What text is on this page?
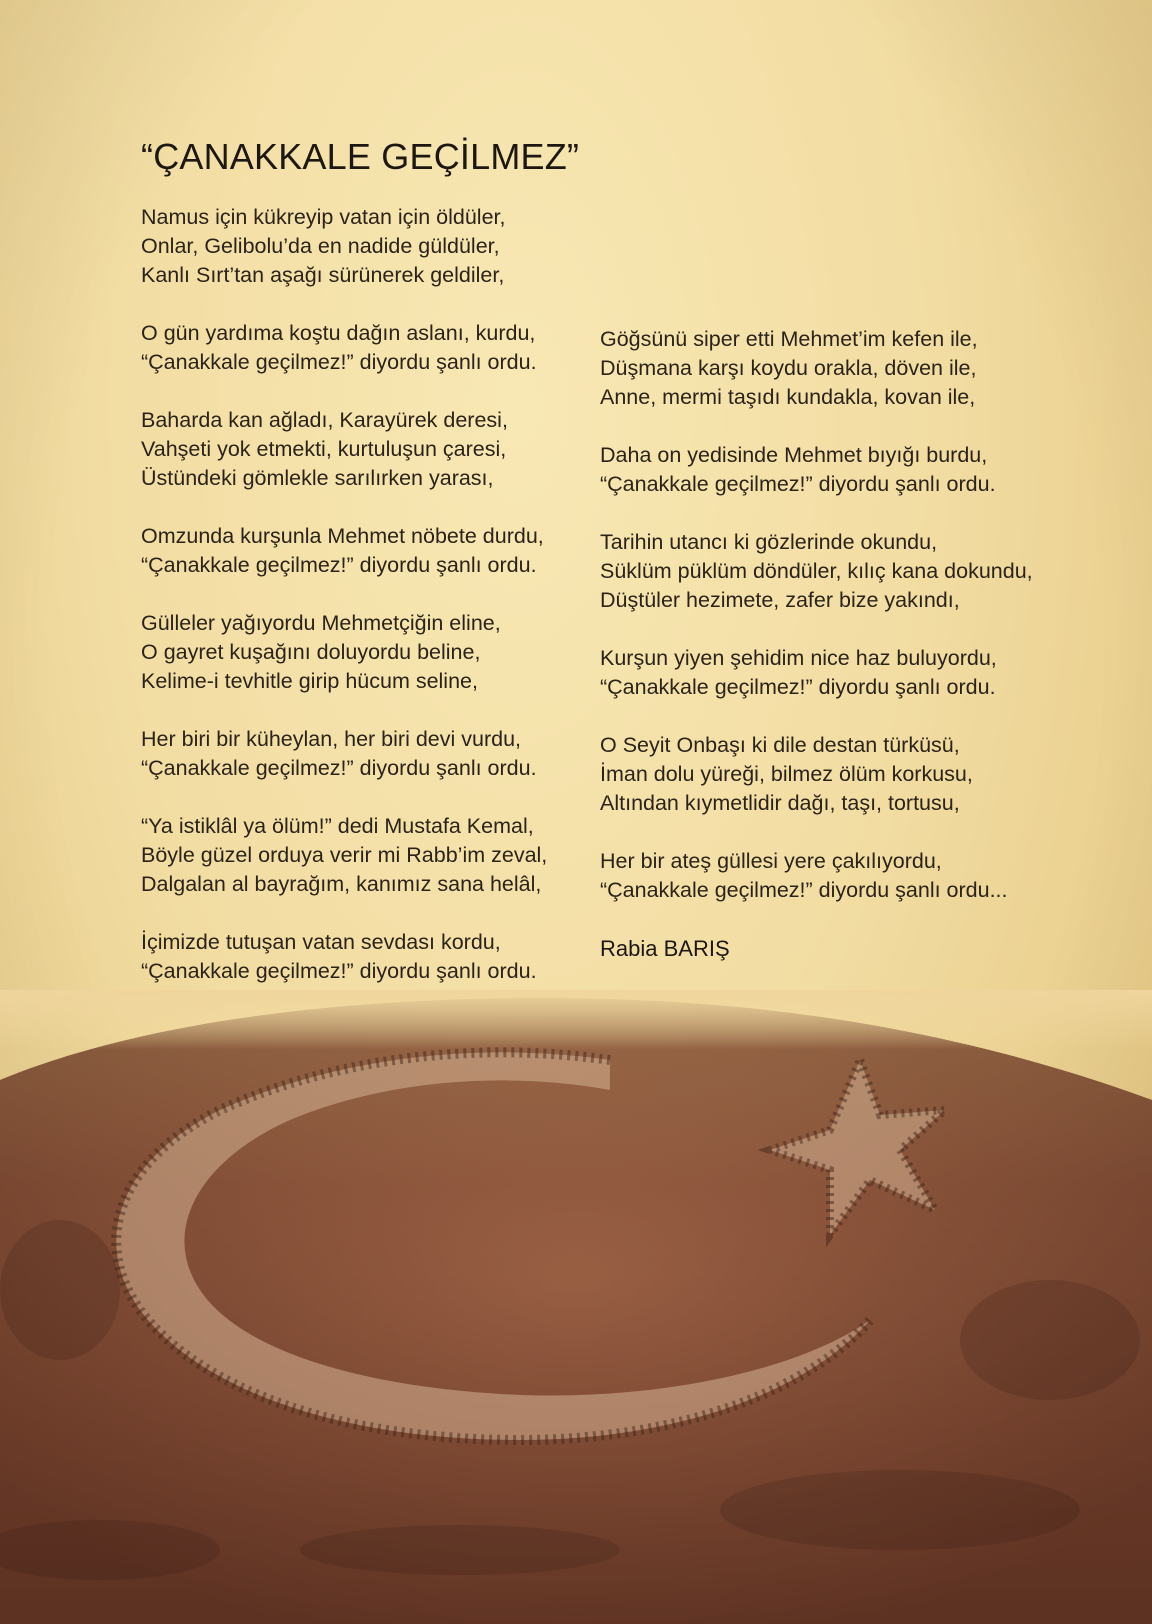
“ÇANAKKALE GEÇİLMEZ”
Namus için kükreyip vatan için öldüler,
Onlar, Gelibolu’da en nadide güldüler,
Kanlı Sırt’tan aşağı sürünerek geldiler,
O gün yardıma koştu dağın aslanı, kurdu,
“Çanakkale geçilmez!” diyordu şanlı ordu.
Baharda kan ağladı, Karayürek deresi,
Vahşeti yok etmekti, kurtuluşun çaresi,
Üstündeki gömlekle sarılırken yarası,
Omzunda kurşunla Mehmet nöbete durdu,
“Çanakkale geçilmez!” diyordu şanlı ordu.
Gülleler yağıyordu Mehmetçiğin eline,
O gayret kuşağını doluyordu beline,
Kelime-i tevhitle girip hücum seline,
Her biri bir küheylan, her biri devi vurdu,
“Çanakkale geçilmez!” diyordu şanlı ordu.
“Ya istiklâl ya ölüm!” dedi Mustafa Kemal,
Böyle güzel orduya verir mi Rabb’im zeval,
Dalgalan al bayrağım, kanımız sana helâl,
İçimizde tutuşan vatan sevdası kordu,
“Çanakkale geçilmez!” diyordu şanlı ordu.
Göğsünü siper etti Mehmet’im kefen ile,
Düşmana karşı koydu orakla, döven ile,
Anne, mermi taşıdı kundakla, kovan ile,
Daha on yedisinde Mehmet bıyığı burdu,
“Çanakkale geçilmez!” diyordu şanlı ordu.
Tarihin utancı ki gözlerinde okundu,
Süklüm püklüm döndüler, kılıç kana dokundu,
Düştüler hezimete, zafer bize yakındı,
Kurşun yiyen şehidim nice haz buluyordu,
“Çanakkale geçilmez!” diyordu şanlı ordu.
O Seyit Onbaşı ki dile destan türküsü,
İman dolu yüreği, bilmez ölüm korkusu,
Altından kıymetlidir dağı, taşı, tortusu,
Her bir ateş güllesi yere çakılıyordu,
“Çanakkale geçilmez!” diyordu şanlı ordu...
Rabia BARIŞ
